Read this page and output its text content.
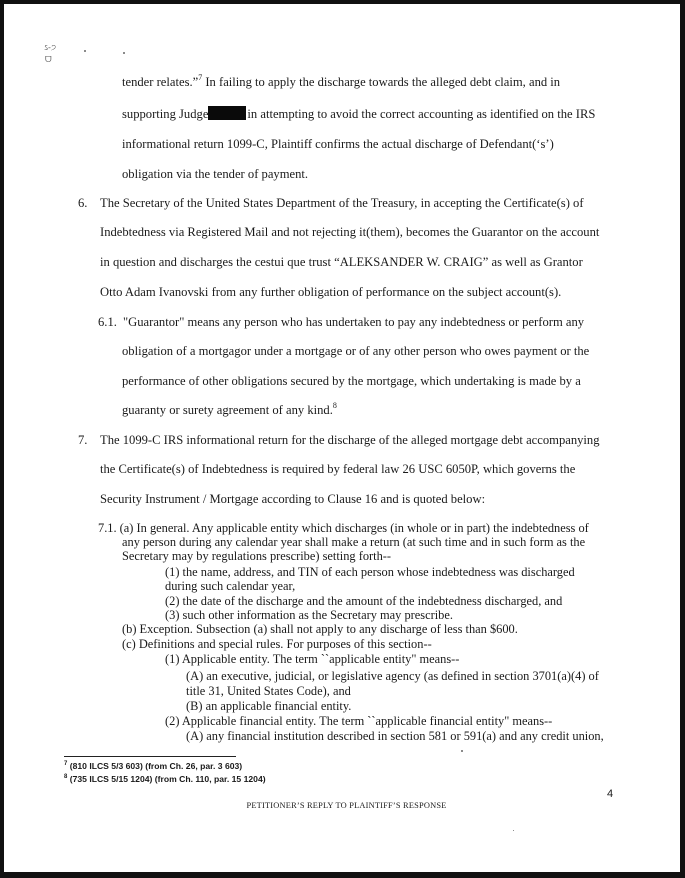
ઽ-੭
ᗜ
tender relates.”$^7$ In failing to apply the discharge towards the alleged debt claim, and in
supporting Judge	in attempting to avoid the correct accounting as identified on the IRS
informational return 1099-C, Plaintiff confirms the actual discharge of Defendant(‘s’)
obligation via the tender of payment.
6. The Secretary of the United States Department of the Treasury, in accepting the Certificate(s) of
Indebtedness via Registered Mail and not rejecting it(them), becomes the Guarantor on the account
in question and discharges the cestui que trust “ALEKSANDER W. CRAIG” as well as Grantor
Otto Adam Ivanovski from any further obligation of performance on the subject account(s).
6.1. "Guarantor" means any person who has undertaken to pay any indebtedness or perform any
obligation of a mortgagor under a mortgage or of any other person who owes payment or the
performance of other obligations secured by the mortgage, which undertaking is made by a
guaranty or surety agreement of any kind.$^8$
7. The 1099-C IRS informational return for the discharge of the alleged mortgage debt accompanying
the Certificate(s) of Indebtedness is required by federal law 26 USC 6050P, which governs the
Security Instrument / Mortgage according to Clause 16 and is quoted below:
7.1. (a) In general. Any applicable entity which discharges (in whole or in part) the indebtedness of
any person during any calendar year shall make a return (at such time and in such form as the
Secretary may by regulations prescribe) setting forth--
(1) the name, address, and TIN of each person whose indebtedness was discharged
during such calendar year,
(2) the date of the discharge and the amount of the indebtedness discharged, and
(3) such other information as the Secretary may prescribe.
(b) Exception. Subsection (a) shall not apply to any discharge of less than $600.
(c) Definitions and special rules. For purposes of this section--
(1) Applicable entity. The term ``applicable entity" means--
(A) an executive, judicial, or legislative agency (as defined in section 3701(a)(4) of
title 31, United States Code), and
(B) an applicable financial entity.
(2) Applicable financial entity. The term ``applicable financial entity" means--
(A) any financial institution described in section 581 or 591(a) and any credit union,
$^7$ (810 ILCS 5/3 603) (from Ch. 26, par. 3 603)
$^8$ (735 ILCS 5/15 1204) (from Ch. 110, par. 15 1204)
4
PETITIONER’S REPLY TO PLAINTIFF’S RESPONSE
